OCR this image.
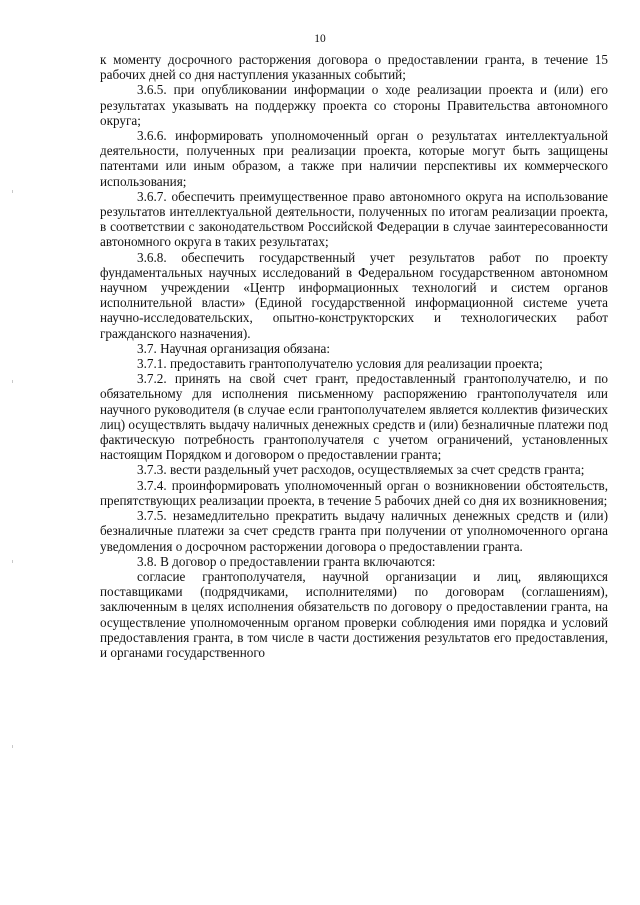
10

к моменту досрочного расторжения договора о предоставлении гранта, в течение 15 рабочих дней со дня наступления указанных событий;

3.6.5. при опубликовании информации о ходе реализации проекта и (или) его результатах указывать на поддержку проекта со стороны Правительства автономного округа;

3.6.6. информировать уполномоченный орган о результатах интеллектуальной деятельности, полученных при реализации проекта, которые могут быть защищены патентами или иным образом, а также при наличии перспективы их коммерческого использования;

3.6.7. обеспечить преимущественное право автономного округа на использование результатов интеллектуальной деятельности, полученных по итогам реализации проекта, в соответствии с законодательством Российской Федерации в случае заинтересованности автономного округа в таких результатах;

3.6.8. обеспечить государственный учет результатов работ по проекту фундаментальных научных исследований в Федеральном государственном автономном научном учреждении «Центр информационных технологий и систем органов исполнительной власти» (Единой государственной информационной системе учета научно-исследовательских, опытно-конструкторских и технологических работ гражданского назначения).

3.7. Научная организация обязана:

3.7.1. предоставить грантополучателю условия для реализации проекта;

3.7.2. принять на свой счет грант, предоставленный грантополучателю, и по обязательному для исполнения письменному распоряжению грантополучателя или научного руководителя (в случае если грантополучателем является коллектив физических лиц) осуществлять выдачу наличных денежных средств и (или) безналичные платежи под фактическую потребность грантополучателя с учетом ограничений, установленных настоящим Порядком и договором о предоставлении гранта;

3.7.3. вести раздельный учет расходов, осуществляемых за счет средств гранта;

3.7.4. проинформировать уполномоченный орган о возникновении обстоятельств, препятствующих реализации проекта, в течение 5 рабочих дней со дня их возникновения;

3.7.5. незамедлительно прекратить выдачу наличных денежных средств и (или) безналичные платежи за счет средств гранта при получении от уполномоченного органа уведомления о досрочном расторжении договора о предоставлении гранта.

3.8. В договор о предоставлении гранта включаются:

согласие грантополучателя, научной организации и лиц, являющихся поставщиками (подрядчиками, исполнителями) по договорам (соглашениям), заключенным в целях исполнения обязательств по договору о предоставлении гранта, на осуществление уполномоченным органом проверки соблюдения ими порядка и условий предоставления гранта, в том числе в части достижения результатов его предоставления, и органами государственного
